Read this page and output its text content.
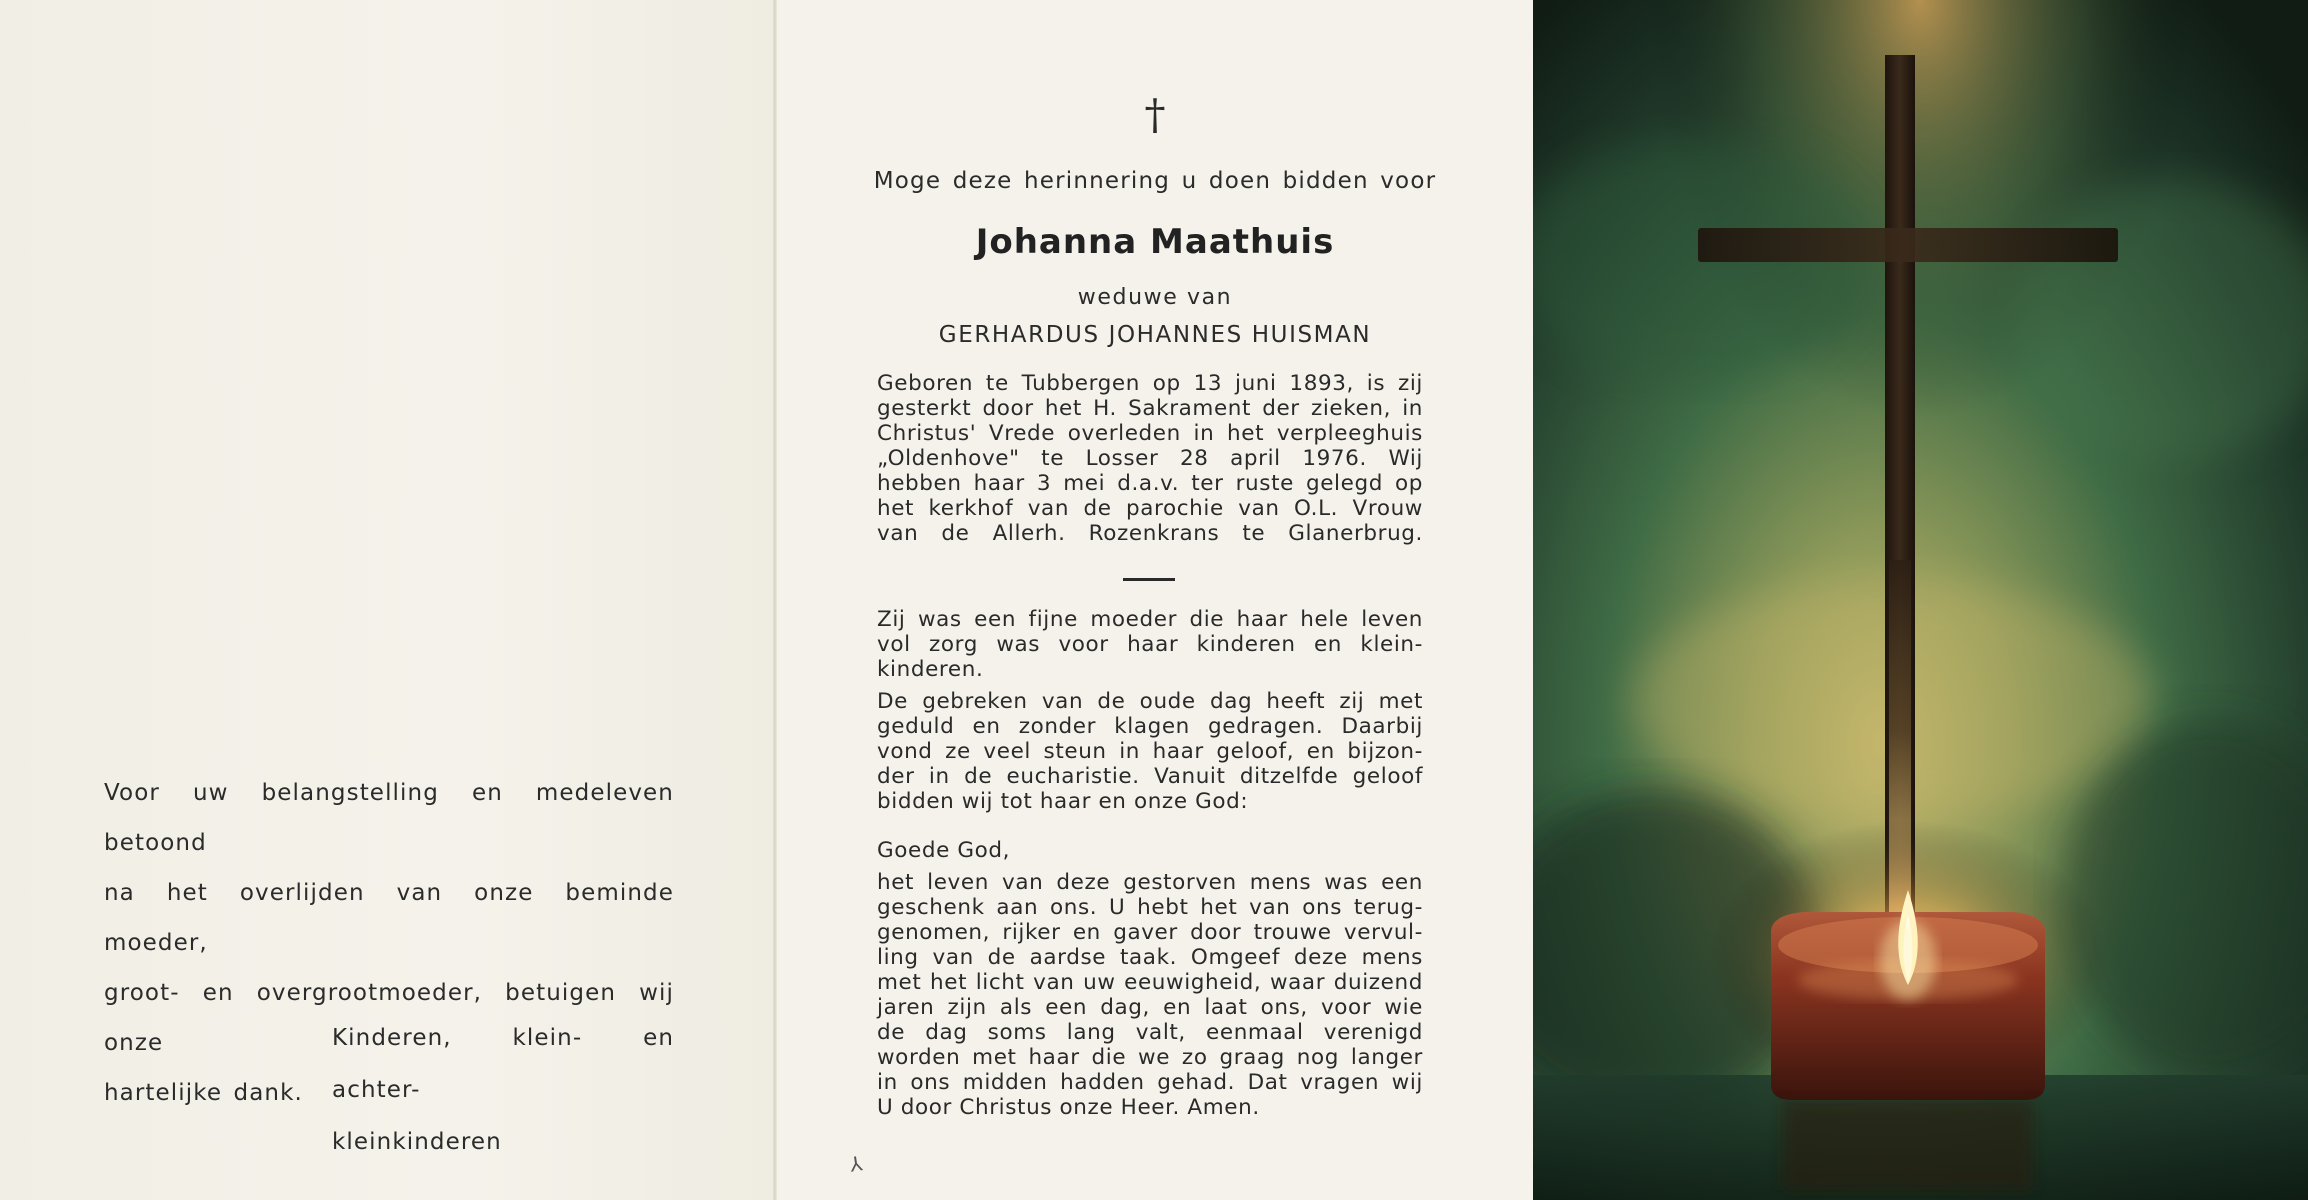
Voor uw belangstelling en medeleven betoond

na het overlijden van onze beminde moeder,

groot- en overgrootmoeder, betuigen wij onze

hartelijke dank.

Kinderen, klein- en achter-

kleinkinderen

†
Moge deze herinnering u doen bidden voor
Johanna Maathuis
weduwe van
GERHARDUS JOHANNES HUISMAN
Geboren te Tubbergen op 13 juni 1893, is zij
gesterkt door het H. Sakrament der zieken, in
Christus' Vrede overleden in het verpleeghuis
„Oldenhove" te Losser 28 april 1976. Wij
hebben haar 3 mei d.a.v. ter ruste gelegd op
het kerkhof van de parochie van O.L. Vrouw
van de Allerh. Rozenkrans te Glanerbrug.
Zij was een fijne moeder die haar hele leven
vol zorg was voor haar kinderen en klein-
kinderen.
De gebreken van de oude dag heeft zij met
geduld en zonder klagen gedragen. Daarbij
vond ze veel steun in haar geloof, en bijzon-
der in de eucharistie. Vanuit ditzelfde geloof
bidden wij tot haar en onze God:
Goede God,
het leven van deze gestorven mens was een
geschenk aan ons. U hebt het van ons terug-
genomen, rijker en gaver door trouwe vervul-
ling van de aardse taak. Omgeef deze mens
met het licht van uw eeuwigheid, waar duizend
jaren zijn als een dag, en laat ons, voor wie
de dag soms lang valt, eenmaal verenigd
worden met haar die we zo graag nog langer
in ons midden hadden gehad. Dat vragen wij
U door Christus onze Heer. Amen.
⅄
